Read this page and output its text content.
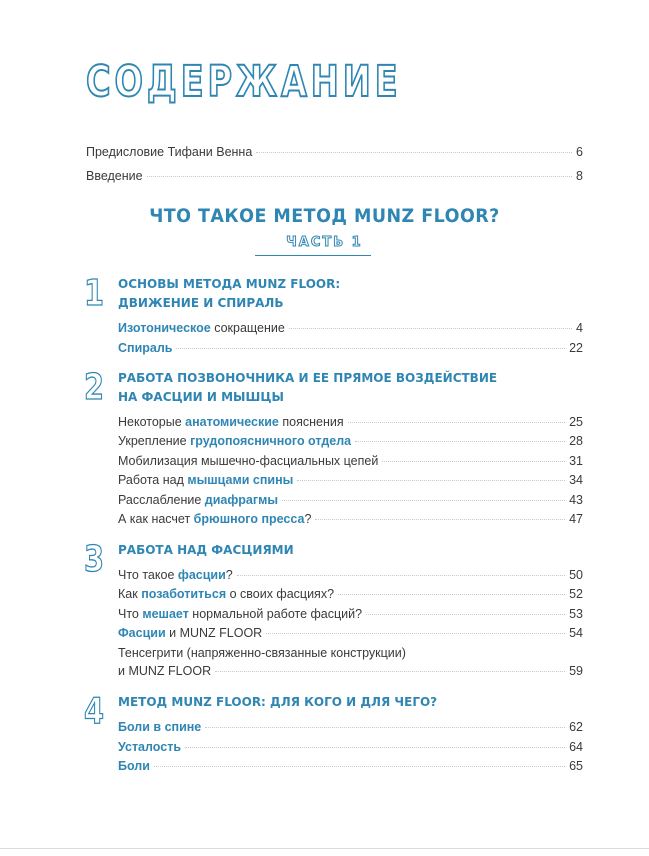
СОДЕРЖАНИЕ
Предисловие Тифани Венна	6
Введение	8
ЧТО ТАКОЕ МЕТОД MUNZ FLOOR?
ЧАСТЬ 1
1 ОСНОВЫ МЕТОДА MUNZ FLOOR:
ДВИЖЕНИЕ И СПИРАЛЬ
Изотоническое сокращение	4
Спираль	22
2 РАБОТА ПОЗВОНОЧНИКА И ЕЕ ПРЯМОЕ ВОЗДЕЙСТВИЕ
НА ФАСЦИИ И МЫШЦЫ
Некоторые анатомические пояснения	25
Укрепление грудопоясничного отдела	28
Мобилизация мышечно-фасциальных цепей	31
Работа над мышцами спины	34
Расслабление диафрагмы	43
А как насчет брюшного пресса?	47
3 РАБОТА НАД ФАСЦИЯМИ
Что такое фасции?	50
Как позаботиться о своих фасциях?	52
Что мешает нормальной работе фасций?	53
Фасции и MUNZ FLOOR	54
Тенсегрити (напряженно-связанные конструкции)
и MUNZ FLOOR	59
4 МЕТОД MUNZ FLOOR: ДЛЯ КОГО И ДЛЯ ЧЕГО?
Боли в спине	62
Усталость	64
Боли	65
